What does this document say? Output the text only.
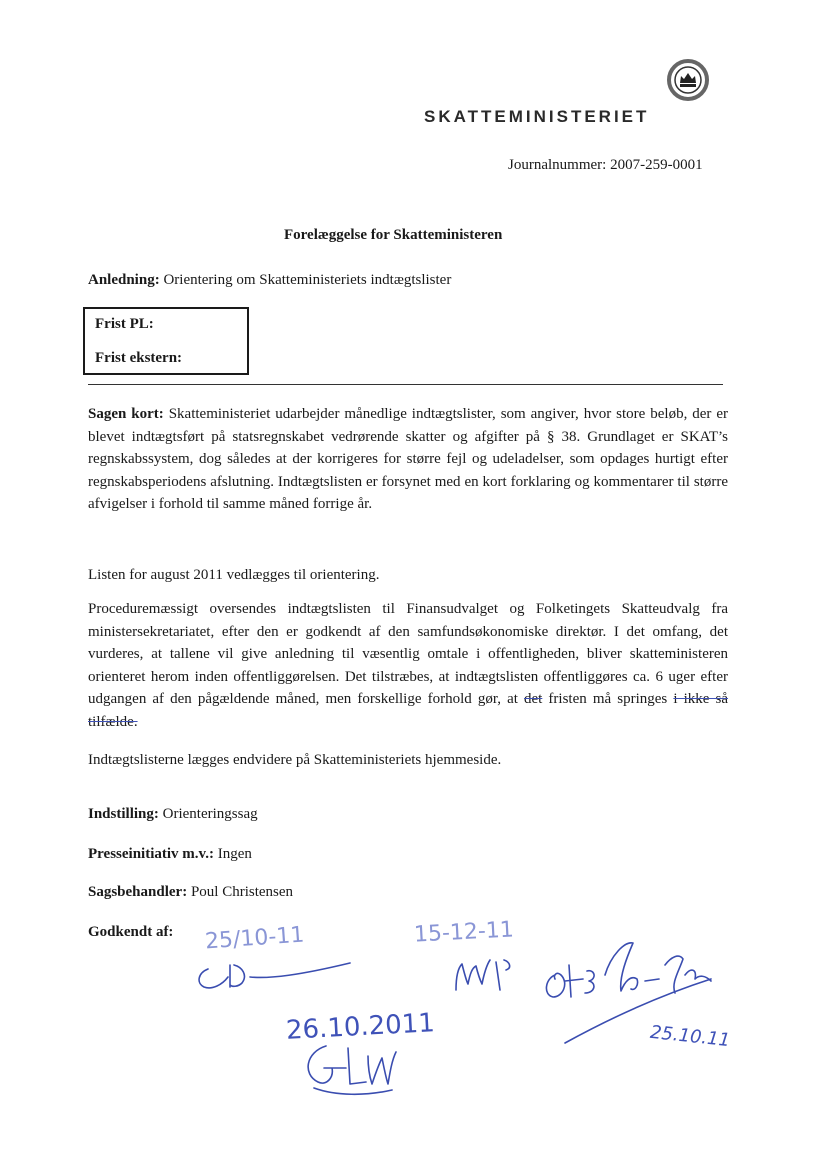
SKATTEMINISTERIET
Journalnummer: 2007-259-0001
Forelæggelse for Skatteministeren
Anledning: Orientering om Skatteministeriets indtægtslister
Frist PL:
Frist ekstern:
Sagen kort: Skatteministeriet udarbejder månedlige indtægtslister, som angiver, hvor store beløb, der er blevet indtægtsført på statsregnskabet vedrørende skatter og afgifter på § 38. Grundlaget er SKAT’s regnskabssystem, dog således at der korrigeres for større fejl og udeladelser, som opdages hurtigt efter regnskabsperiodens afslutning. Indtægtslisten er forsynet med en kort forklaring og kommentarer til større afvigelser i forhold til samme måned forrige år.
Listen for august 2011 vedlægges til orientering.
Proceduremæssigt oversendes indtægtslisten til Finansudvalget og Folketingets Skatteudvalg fra ministersekretariatet, efter den er godkendt af den samfundsøkonomiske direktør. I det omfang, det vurderes, at tallene vil give anledning til væsentlig omtale i offentligheden, bliver skatteministeren orienteret herom inden offentliggørelsen. Det tilstræbes, at indtægtslisten offentliggøres ca. 6 uger efter udgangen af den pågældende måned, men forskellige forhold gør, at det fristen må springes i ikke så tilfælde.
Indtægtslisterne lægges endvidere på Skatteministeriets hjemmeside.
Indstilling: Orienteringssag
Presseinitiativ m.v.: Ingen
Sagsbehandler: Poul Christensen
Godkendt af: 25/10-11	15-12-11
26.10.2011	25.10.11
